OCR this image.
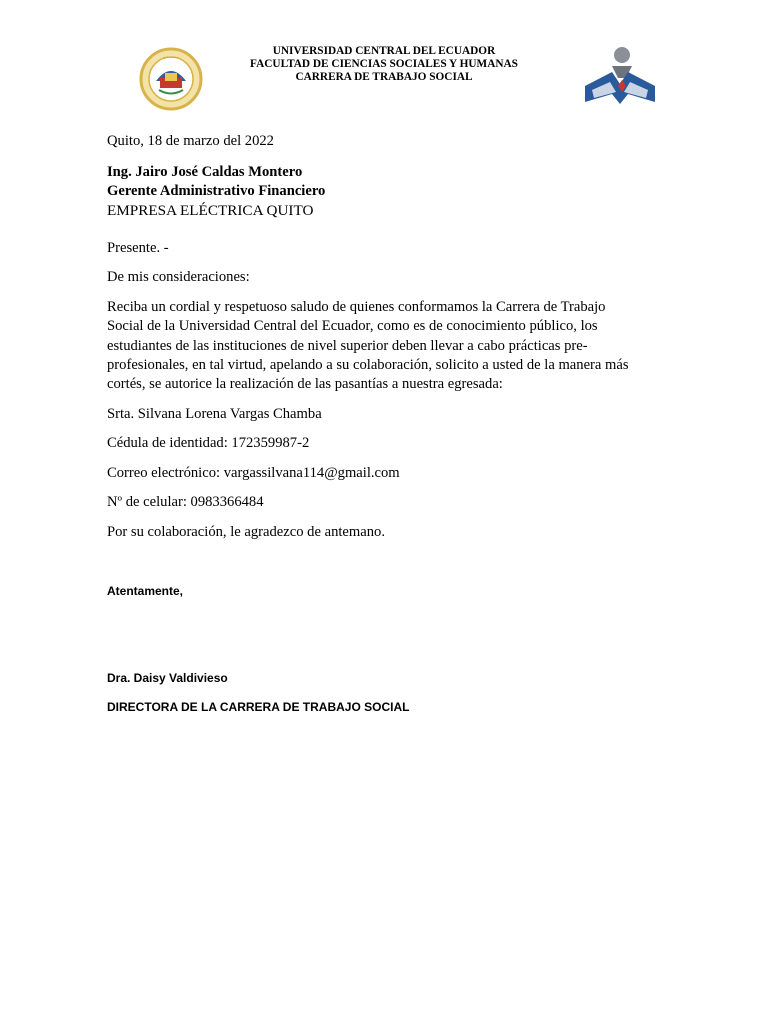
· · · · ·
UNIVERSIDAD CENTRAL DEL ECUADOR
FACULTAD DE CIENCIAS SOCIALES Y HUMANAS
CARRERA DE TRABAJO SOCIAL
Quito, 18 de marzo del 2022
Ing. Jairo José Caldas Montero
Gerente Administrativo Financiero
EMPRESA ELÉCTRICA QUITO
Presente. -
De mis consideraciones:
Reciba un cordial y respetuoso saludo de quienes conformamos la Carrera de Trabajo
Social de la Universidad Central del Ecuador, como es de conocimiento público, los
estudiantes de las instituciones de nivel superior deben llevar a cabo prácticas pre-
profesionales, en tal virtud, apelando a su colaboración, solicito a usted de la manera más
cortés, se autorice la realización de las pasantías a nuestra egresada:
Srta. Silvana Lorena Vargas Chamba
Cédula de identidad: 172359987-2
Correo electrónico: vargassilvana114@gmail.com
Nº de celular: 0983366484
Por su colaboración, le agradezco de antemano.
Atentamente,
Dra. Daisy Valdivieso
DIRECTORA DE LA CARRERA DE TRABAJO SOCIAL
